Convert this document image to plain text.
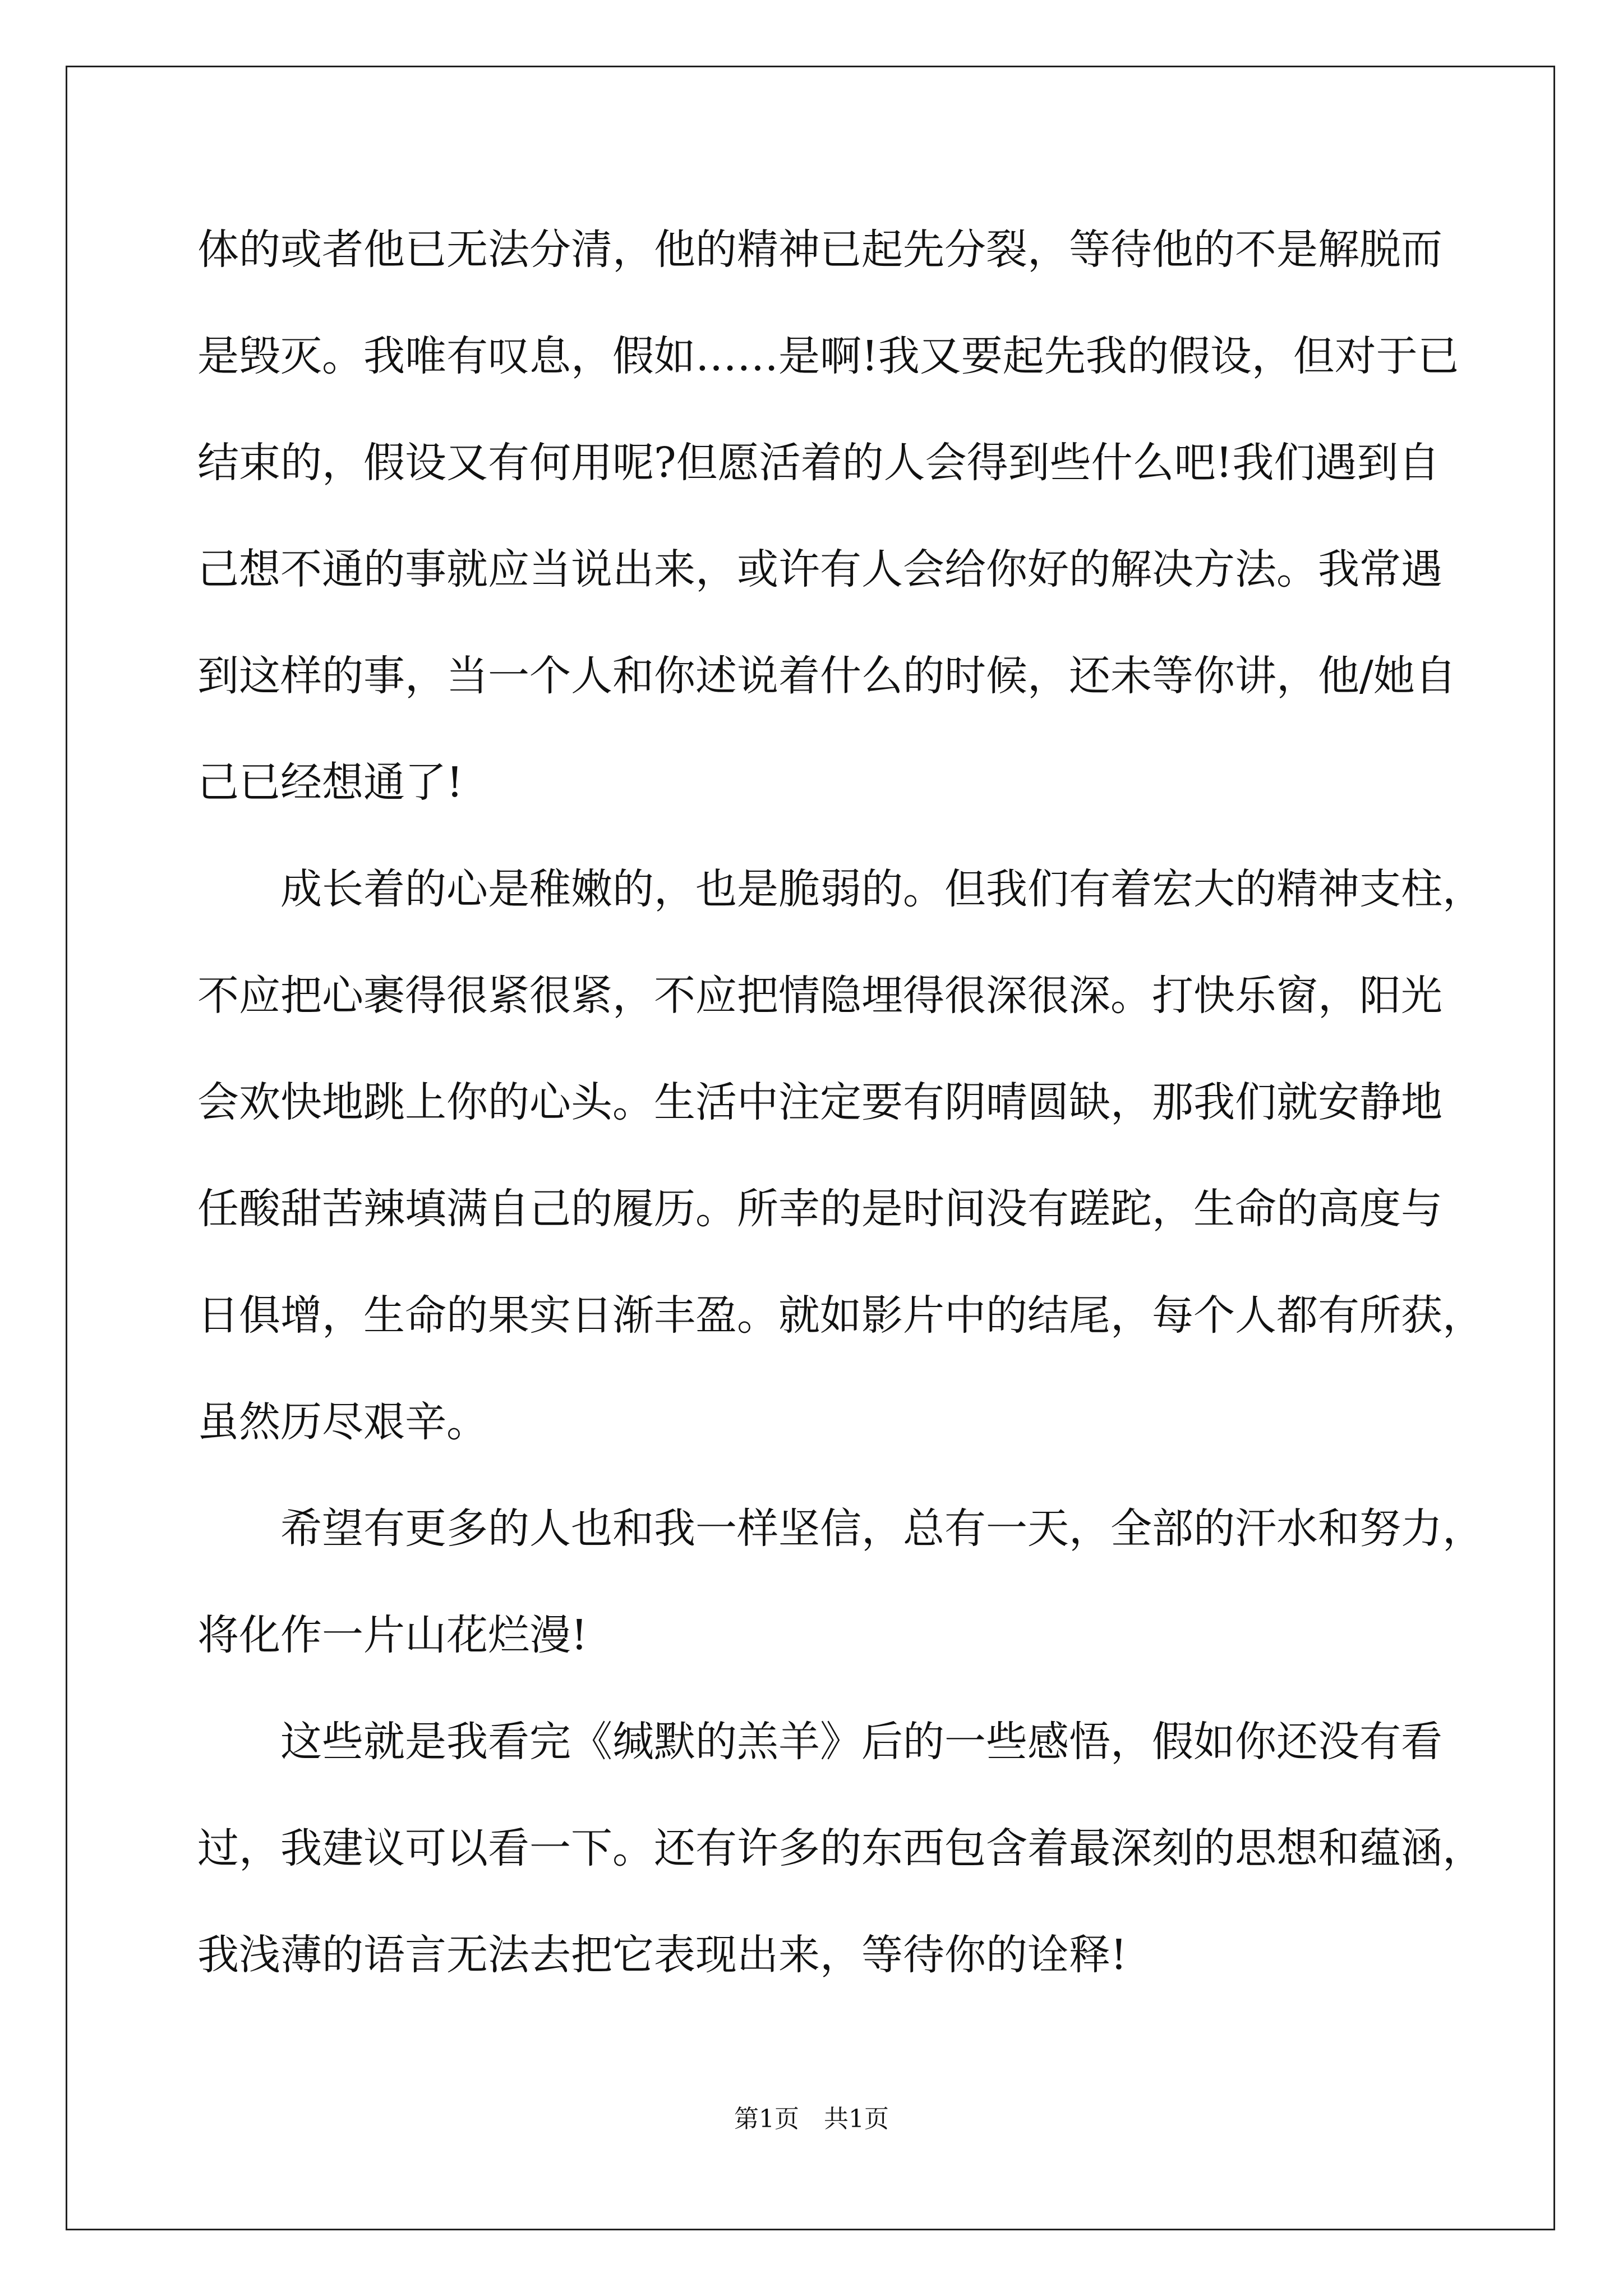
体的或者他已无法分清，他的精神已起先分裂，等待他的不是解脱而

是毁灭。我唯有叹息，假如……是啊!我又要起先我的假设，但对于已

结束的，假设又有何用呢?但愿活着的人会得到些什么吧!我们遇到自

己想不通的事就应当说出来，或许有人会给你好的解决方法。我常遇

到这样的事，当一个人和你述说着什么的时候，还未等你讲，他/她自

己已经想通了!

　　成长着的心是稚嫩的，也是脆弱的。但我们有着宏大的精神支柱，

不应把心裹得很紧很紧，不应把情隐埋得很深很深。打快乐窗，阳光

会欢快地跳上你的心头。生活中注定要有阴晴圆缺，那我们就安静地

任酸甜苦辣填满自己的履历。所幸的是时间没有蹉跎，生命的高度与

日俱增，生命的果实日渐丰盈。就如影片中的结尾，每个人都有所获，

虽然历尽艰辛。

　　希望有更多的人也和我一样坚信，总有一天，全部的汗水和努力，

将化作一片山花烂漫!

　　这些就是我看完《缄默的羔羊》后的一些感悟，假如你还没有看

过，我建议可以看一下。还有许多的东西包含着最深刻的思想和蕴涵，

我浅薄的语言无法去把它表现出来，等待你的诠释!

第1页　共1页
